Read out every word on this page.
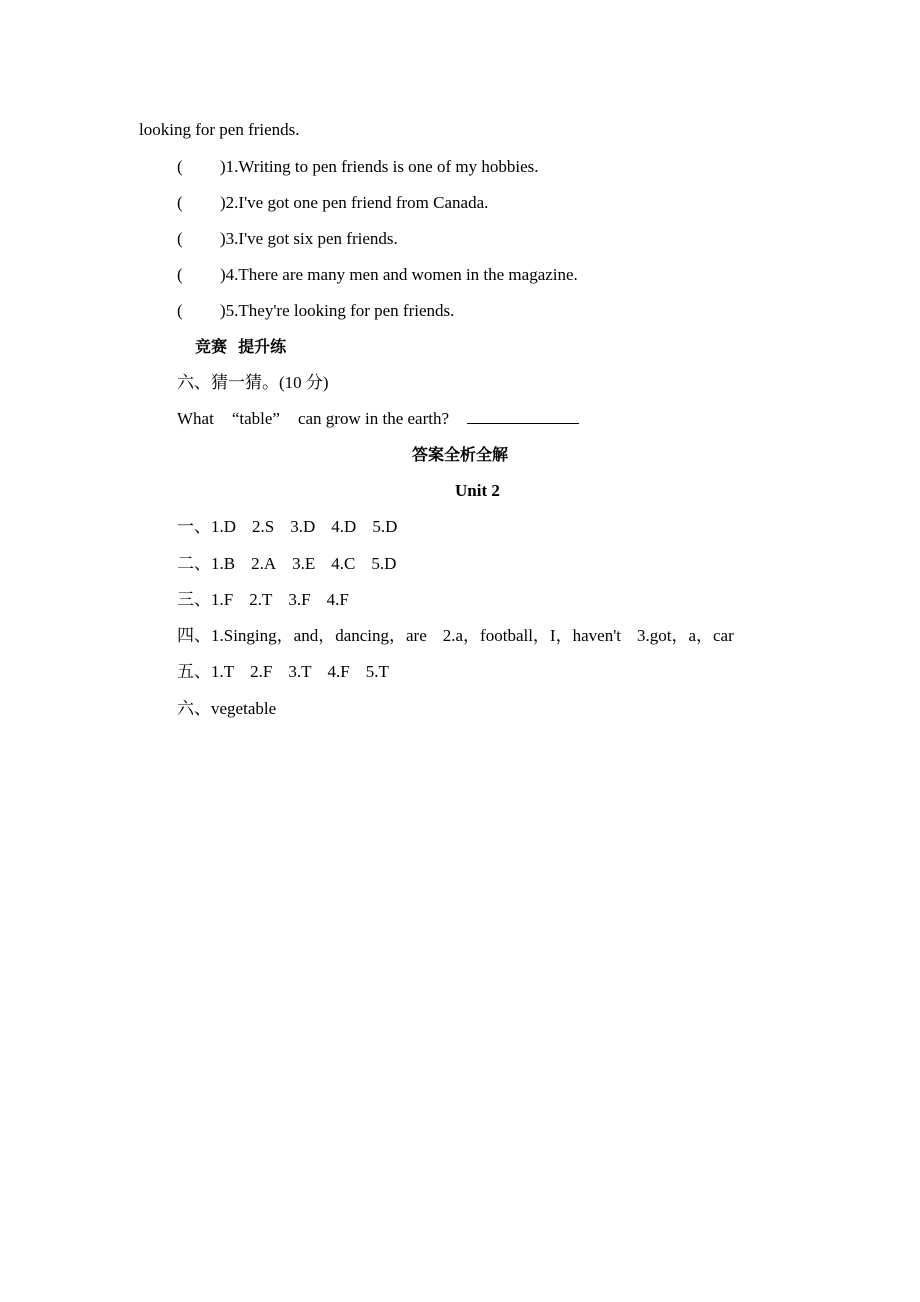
looking for pen friends.
( )1.Writing to pen friends is one of my hobbies.
( )2.I've got one pen friend from Canada.
( )3.I've got six pen friends.
( )4.There are many men and women in the magazine.
( )5.They're looking for pen friends.
竞赛  提升练
六、猜一猜。(10 分)
What “table” can grow in the earth?
答案全析全解
Unit 2
一、1.D 2.S 3.D 4.D 5.D
二、1.B 2.A 3.E 4.C 5.D
三、1.F 2.T 3.F 4.F
四、1.Singing，and，dancing，are 2.a，football，I，haven't 3.got，a，car
五、1.T 2.F 3.T 4.F 5.T
六、vegetable
